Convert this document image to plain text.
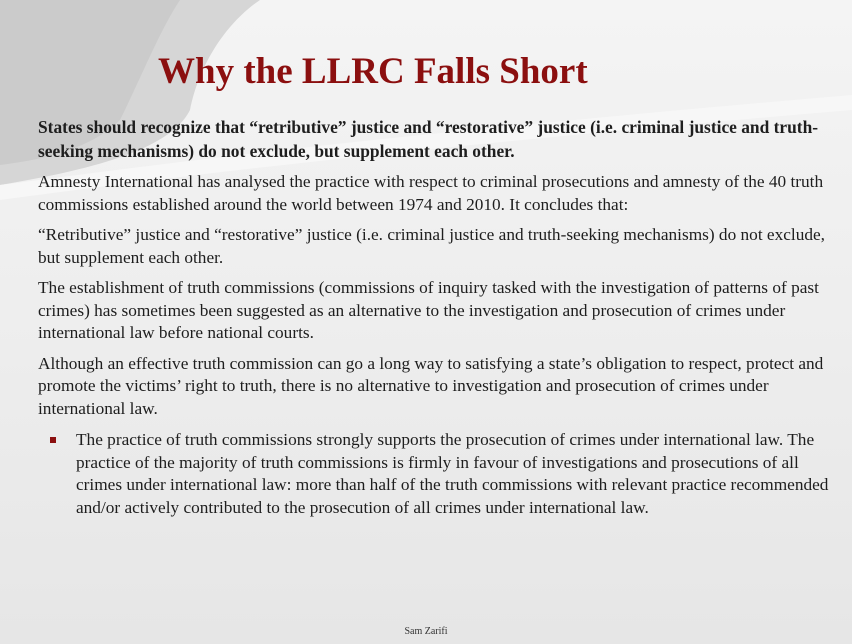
Why the LLRC Falls Short

States should recognize that “retributive” justice and “restorative” justice (i.e. criminal justice and truth-seeking mechanisms) do not exclude, but supplement each other.

Amnesty International has analysed the practice with respect to criminal prosecutions and amnesty of the 40 truth commissions established around the world between 1974 and 2010. It concludes that:

“Retributive” justice and “restorative” justice (i.e. criminal justice and truth-seeking mechanisms) do not exclude, but supplement each other.

The establishment of truth commissions (commissions of inquiry tasked with the investigation of patterns of past crimes) has sometimes been suggested as an alternative to the investigation and prosecution of crimes under international law before national courts.

Although an effective truth commission can go a long way to satisfying a state’s obligation to respect, protect and promote the victims’ right to truth, there is no alternative to investigation and prosecution of crimes under international law.

The practice of truth commissions strongly supports the prosecution of crimes under international law. The practice of the majority of truth commissions is firmly in favour of investigations and prosecutions of all crimes under international law: more than half of the truth commissions with relevant practice recommended and/or actively contributed to the prosecution of all crimes under international law.
Sam Zarifi
